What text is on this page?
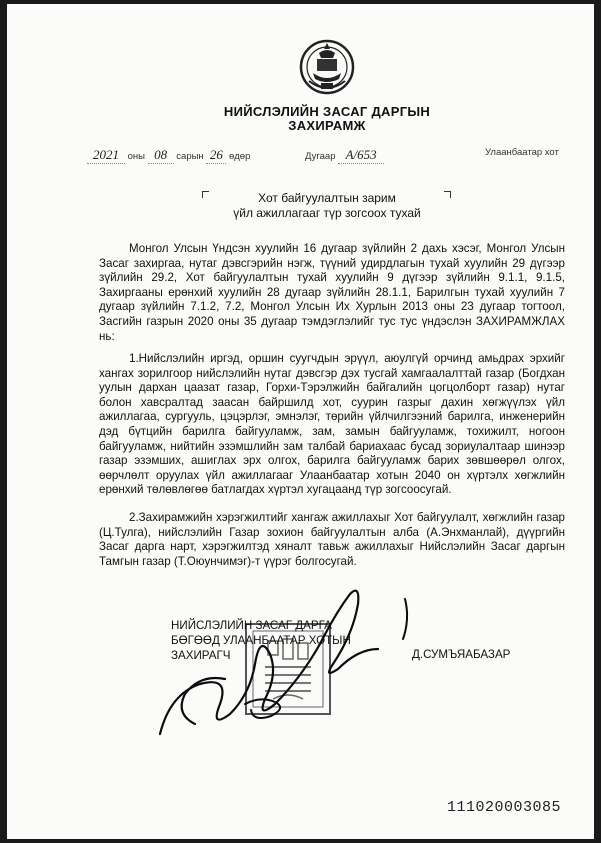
НИЙСЛЭЛИЙН ЗАСАГ ДАРГЫН
ЗАХИРАМЖ
2021 оны 08 сарын 26 өдөр	Дугаар А/653	Улаанбаатар хот
Хот байгуулалтын зарим
үйл ажиллагааг түр зогсоох тухай

Монгол Улсын Үндсэн хуулийн 16 дугаар зүйлийн 2 дахь хэсэг, Монгол Улсын Засаг захиргаа, нутаг дэвсгэрийн нэгж, түүний удирдлагын тухай хуулийн 29 дүгээр зүйлийн 29.2, Хот байгуулалтын тухай хуулийн 9 дүгээр зүйлийн 9.1.1, 9.1.5, Захиргааны ерөнхий хуулийн 28 дугаар зүйлийн 28.1.1, Барилгын тухай хуулийн 7 дугаар зүйлийн 7.1.2, 7.2, Монгол Улсын Их Хурлын 2013 оны 23 дугаар тогтоол, Засгийн газрын 2020 оны 35 дугаар тэмдэглэлийг тус тус үндэслэн ЗАХИРАМЖЛАХ нь:

1.Нийслэлийн иргэд, оршин суугчдын эрүүл, аюулгүй орчинд амьдрах эрхийг хангах зорилгоор нийслэлийн нутаг дэвсгэр дэх тусгай хамгаалалттай газар (Богдхан уулын дархан цаазат газар, Горхи-Тэрэлжийн байгалийн цогцолборт газар) нутаг болон хавсралтад заасан байршилд хот, суурин газрыг дахин хөгжүүлэх үйл ажиллагаа, сургууль, цэцэрлэг, эмнэлэг, төрийн үйлчилгээний барилга, инженерийн дэд бүтцийн барилга байгууламж, зам, замын байгууламж, тохижилт, ногоон байгууламж, нийтийн эзэмшлийн зам талбай бариахаас бусад зориулалтаар шинээр газар эзэмших, ашиглах эрх олгох, барилга байгууламж барих зөвшөөрөл олгох, өөрчлөлт оруулах үйл ажиллагааг Улаанбаатар хотын 2040 он хүртэлх хөгжлийн ерөнхий төлөвлөгөө батлагдах хүртэл хугацаанд түр зогсоосугай.

2.Захирамжийн хэрэгжилтийг хангаж ажиллахыг Хот байгуулалт, хөгжлийн газар (Ц.Тулга), нийслэлийн Газар зохион байгуулалтын алба (А.Энхманлай), дүүргийн Засаг дарга нарт, хэрэгжилтэд хяналт тавьж ажиллахыг Нийслэлийн Засаг даргын Тамгын газар (Т.Оюунчимэг)-т үүрэг болгосугай.

НИЙСЛЭЛИЙН ЗАСАГ ДАРГА
БӨГӨӨД УЛААНБААТАР ХОТЫН
ЗАХИРАГЧ	Д.СУМЪЯАБАЗАР
111020003085
